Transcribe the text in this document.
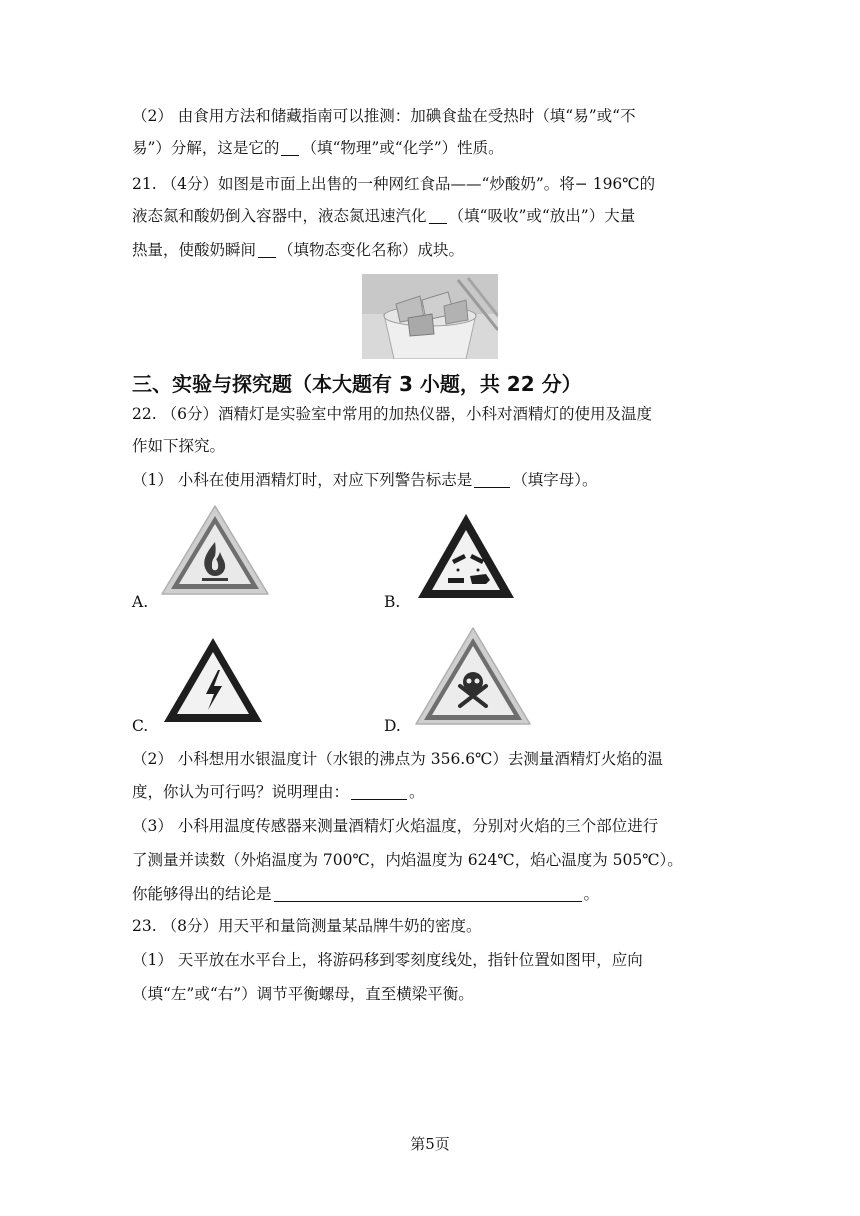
（2） 由食用方法和储藏指南可以推测：加碘食盐在受热时（填“易”或“不
易”）分解，这是它的 （填“物理”或“化学”）性质。
21. （4分）如图是市面上出售的一种网红食品——“炒酸奶”。将− 196℃的
液态氮和酸奶倒入容器中，液态氮迅速汽化 （填“吸收”或“放出”）大量
热量，使酸奶瞬间 （填物态变化名称）成块。
三、实验与探究题（本大题有 3 小题，共 22 分）
22. （6分）酒精灯是实验室中常用的加热仪器，小科对酒精灯的使用及温度
作如下探究。
（1） 小科在使用酒精灯时，对应下列警告标志是	（填字母）。
A.	B.
C.	D.
（2） 小科想用水银温度计（水银的沸点为 356.6℃）去测量酒精灯火焰的温
度，你认为可行吗？说明理由：	。
（3） 小科用温度传感器来测量酒精灯火焰温度，分别对火焰的三个部位进行
了测量并读数（外焰温度为 700℃，内焰温度为 624℃，焰心温度为 505℃）。
你能够得出的结论是	。
23. （8分）用天平和量筒测量某品牌牛奶的密度。
（1） 天平放在水平台上，将游码移到零刻度线处，指针位置如图甲，应向
（填“左”或“右”）调节平衡螺母，直至横梁平衡。
第5页
